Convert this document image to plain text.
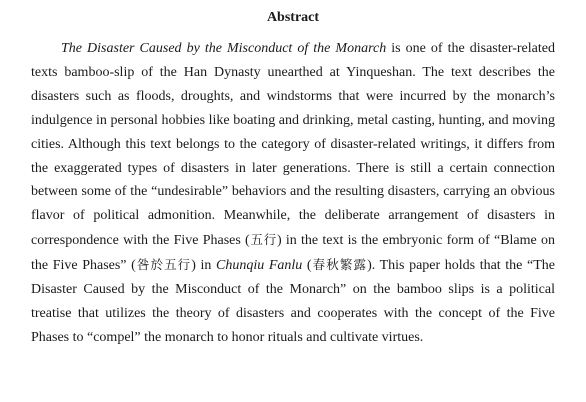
Abstract

The Disaster Caused by the Misconduct of the Monarch is one of the disaster-related texts bamboo-slip of the Han Dynasty unearthed at Yinqueshan. The text describes the disasters such as floods, droughts, and windstorms that were incurred by the monarch’s indulgence in personal hobbies like boating and drinking, metal casting, hunting, and moving cities. Although this text belongs to the category of disaster-related writings, it differs from the exaggerated types of disasters in later generations. There is still a certain connection between some of the “undesirable” behaviors and the resulting disasters, carrying an obvious flavor of political admonition. Meanwhile, the deliberate arrangement of disasters in correspondence with the Five Phases (五行) in the text is the embryonic form of “Blame on the Five Phases” (咎於五行) in Chunqiu Fanlu (春秋繁露). This paper holds that the “The Disaster Caused by the Misconduct of the Monarch” on the bamboo slips is a political treatise that utilizes the theory of disasters and cooperates with the concept of the Five Phases to “compel” the monarch to honor rituals and cultivate virtues.
